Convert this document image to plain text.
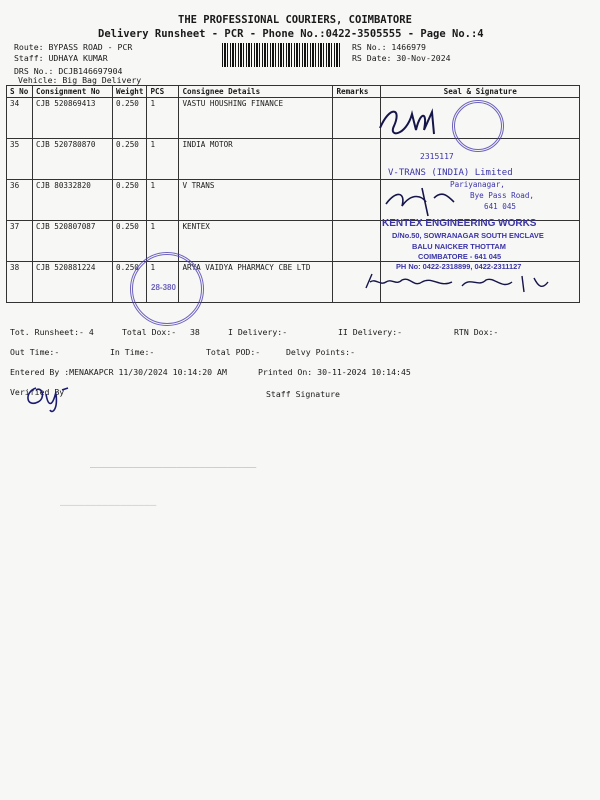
THE PROFESSIONAL COURIERS, COIMBATORE
Delivery Runsheet - PCR - Phone No.:0422-3505555 - Page No.:4
Route: BYPASS ROAD - PCR
Staff: UDHAYA KUMAR
DRS No.: DCJB146697904
Vehicle: Big Bag Delivery
RS No.: 1466979
RS Date: 30-Nov-2024
S No	Consignment No	Weight	PCS	Consignee Details	Remarks	Seal & Signature
34	CJB 520869413	0.250	1	VASTU HOUSHING FINANCE		
35	CJB 520780870	0.250	1	INDIA MOTOR		
36	CJB 80332820	0.250	1	V TRANS		
37	CJB 520807087	0.250	1	KENTEX		
38	CJB 520881224	0.250	1	ARYA VAIDYA PHARMACY CBE LTD		
2315117
V-TRANS (INDIA) Limited
Pariyanagar,
Bye Pass Road,
641 045
KENTEX ENGINEERING WORKS
D/No.50, SOWRANAGAR SOUTH ENCLAVE
BALU NAICKER THOTTAM
COIMBATORE - 641 045
PH No: 0422-2318899, 0422-2311127
28-380
Tot. Runsheet:- 4	Total Dox:- 38	I Delivery:-	II Delivery:-	RTN Dox:-
Out Time:-	In Time:-	Total POD:-	Delvy Points:-
Entered By :MENAKAPCR 11/30/2024 10:14:20 AM	Printed On: 30-11-2024 10:14:45
Verified By	Staff Signature
―――――――――――――――――――――――
――――――――――――――――
